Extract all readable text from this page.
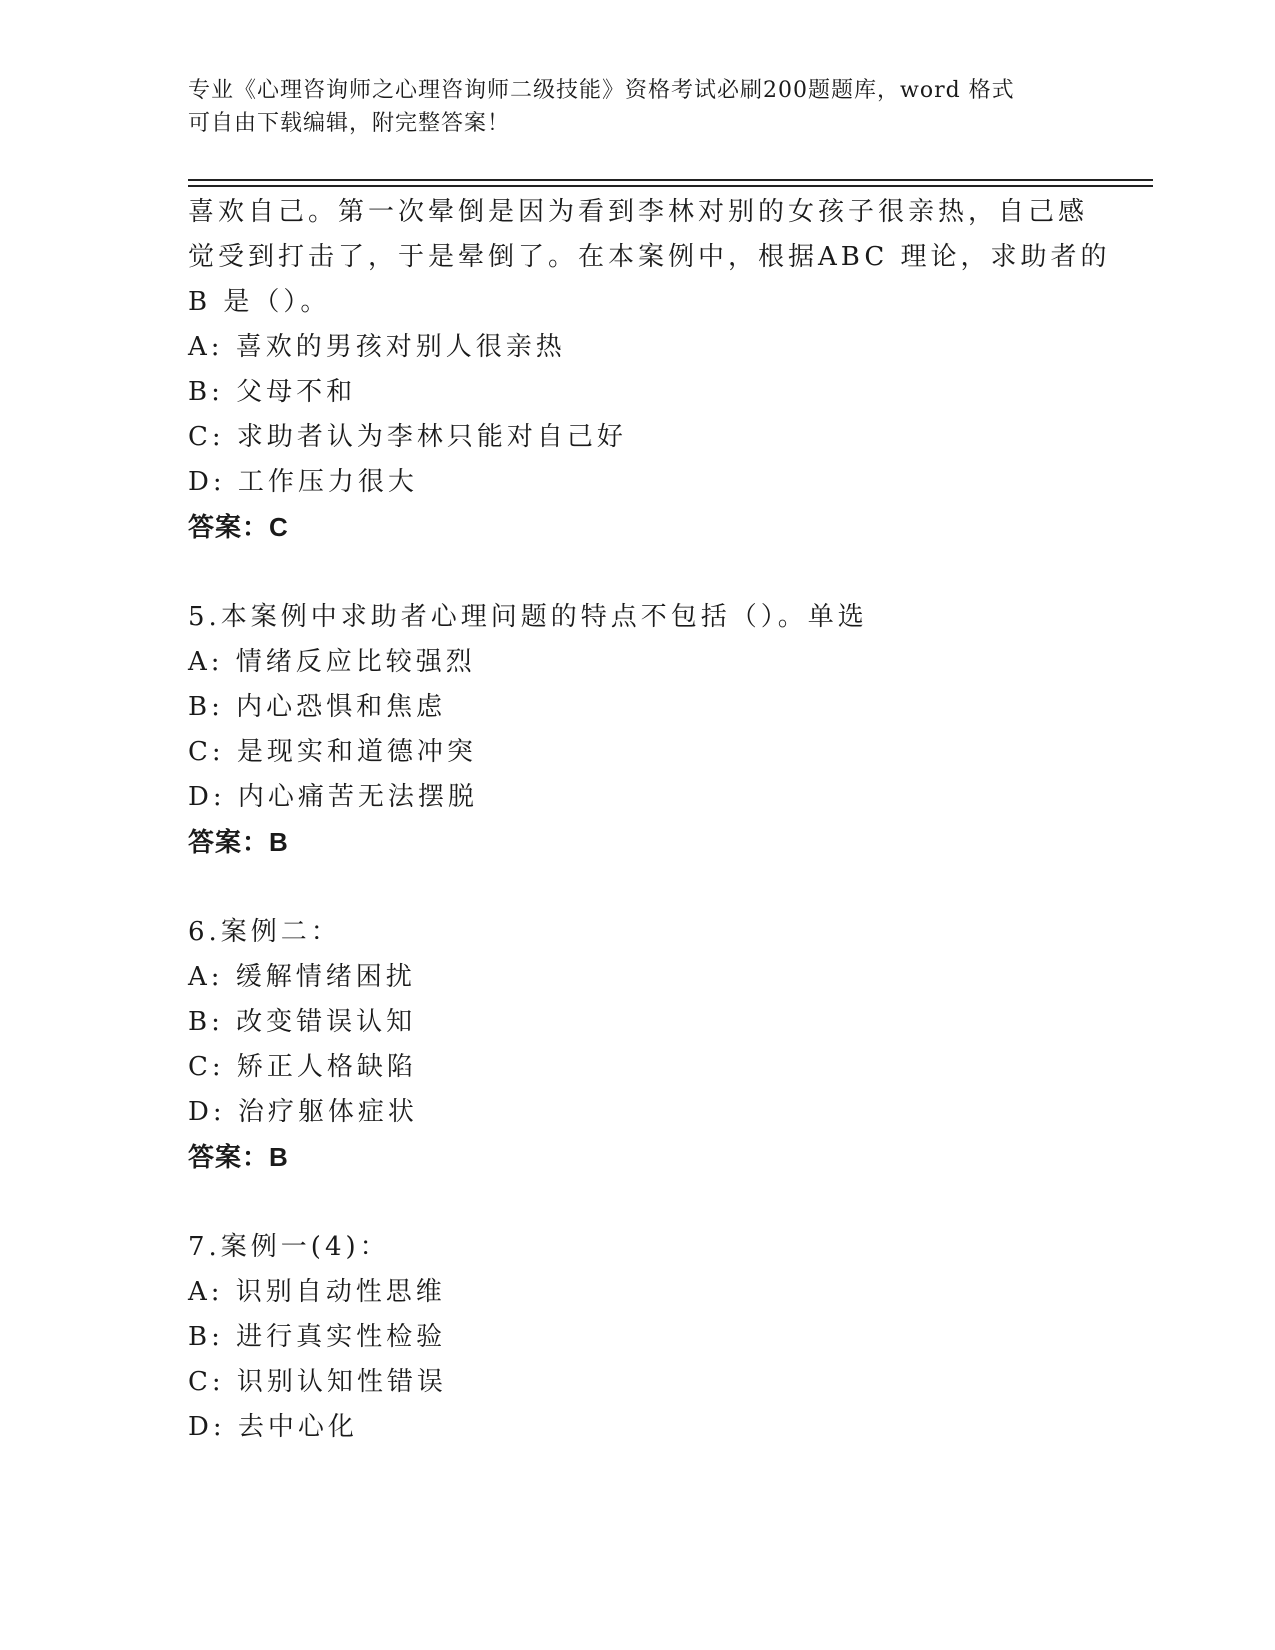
专业《心理咨询师之心理咨询师二级技能》资格考试必刷200题题库，word 格式
可自由下载编辑，附完整答案！
喜欢自己。第一次晕倒是因为看到李林对别的女孩子很亲热，自己感
觉受到打击了，于是晕倒了。在本案例中，根据ABC 理论，求助者的
B 是（）。
A: 喜欢的男孩对别人很亲热
B: 父母不和
C: 求助者认为李林只能对自己好
D: 工作压力很大
答案：C
5.本案例中求助者心理问题的特点不包括（）。单选
A: 情绪反应比较强烈
B: 内心恐惧和焦虑
C: 是现实和道德冲突
D: 内心痛苦无法摆脱
答案：B
6.案例二：
A: 缓解情绪困扰
B: 改变错误认知
C: 矫正人格缺陷
D: 治疗躯体症状
答案：B
7.案例一(4)：
A: 识别自动性思维
B: 进行真实性检验
C: 识别认知性错误
D: 去中心化
